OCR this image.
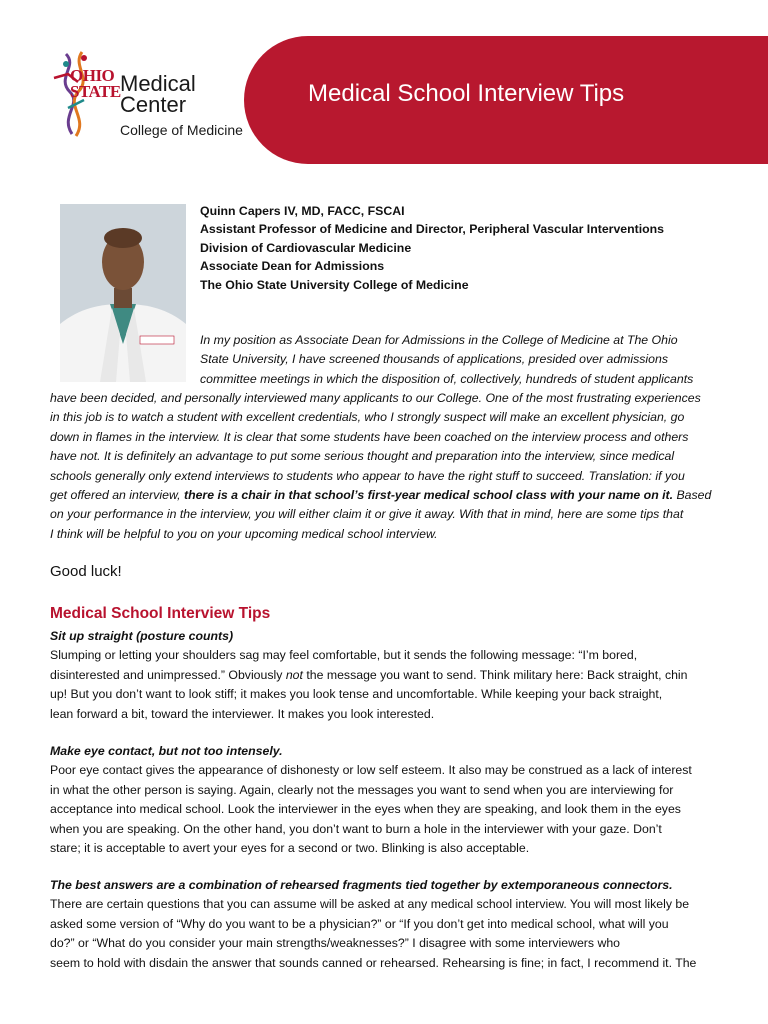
OHIO
STATE Medical
Center
College of Medicine
Medical School Interview Tips
Quinn Capers IV, MD, FACC, FSCAI
Assistant Professor of Medicine and Director, Peripheral Vascular Interventions
Division of Cardiovascular Medicine
Associate Dean for Admissions
The Ohio State University College of Medicine
In my position as Associate Dean for Admissions in the College of Medicine at The Ohio
State University, I have screened thousands of applications, presided over admissions
committee meetings in which the disposition of, collectively, hundreds of student applicants
have been decided, and personally interviewed many applicants to our College. One of the most frustrating experiences
in this job is to watch a student with excellent credentials, who I strongly suspect will make an excellent physician, go
down in flames in the interview. It is clear that some students have been coached on the interview process and others
have not. It is definitely an advantage to put some serious thought and preparation into the interview, since medical
schools generally only extend interviews to students who appear to have the right stuff to succeed. Translation: if you
get offered an interview, there is a chair in that school’s first-year medical school class with your name on it. Based
on your performance in the interview, you will either claim it or give it away. With that in mind, here are some tips that
I think will be helpful to you on your upcoming medical school interview.
Good luck!
Medical School Interview Tips
Sit up straight (posture counts)
Slumping or letting your shoulders sag may feel comfortable, but it sends the following message: “I’m bored,
disinterested and unimpressed.” Obviously not the message you want to send. Think military here: Back straight, chin
up! But you don’t want to look stiff; it makes you look tense and uncomfortable. While keeping your back straight,
lean forward a bit, toward the interviewer. It makes you look interested.
Make eye contact, but not too intensely.
Poor eye contact gives the appearance of dishonesty or low self esteem. It also may be construed as a lack of interest
in what the other person is saying. Again, clearly not the messages you want to send when you are interviewing for
acceptance into medical school. Look the interviewer in the eyes when they are speaking, and look them in the eyes
when you are speaking. On the other hand, you don’t want to burn a hole in the interviewer with your gaze. Don’t
stare; it is acceptable to avert your eyes for a second or two. Blinking is also acceptable.
The best answers are a combination of rehearsed fragments tied together by extemporaneous connectors.
There are certain questions that you can assume will be asked at any medical school interview. You will most likely be
asked some version of “Why do you want to be a physician?” or “If you don’t get into medical school, what will you
do?” or “What do you consider your main strengths/weaknesses?” I disagree with some interviewers who
seem to hold with disdain the answer that sounds canned or rehearsed. Rehearsing is fine; in fact, I recommend it. The
